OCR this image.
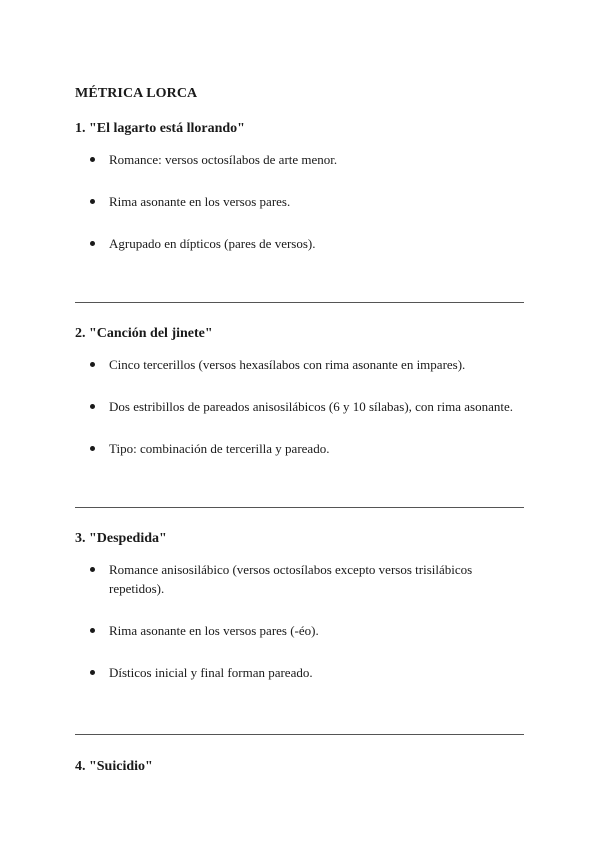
MÉTRICA LORCA
1. "El lagarto está llorando"
Romance: versos octosílabos de arte menor.
Rima asonante en los versos pares.
Agrupado en dípticos (pares de versos).
2. "Canción del jinete"
Cinco tercerillos (versos hexasílabos con rima asonante en impares).
Dos estribillos de pareados anisosilábicos (6 y 10 sílabas), con rima asonante.
Tipo: combinación de tercerilla y pareado.
3. "Despedida"
Romance anisosilábico (versos octosílabos excepto versos trisilábicos repetidos).
Rima asonante en los versos pares (-éo).
Dísticos inicial y final forman pareado.
4. "Suicidio"
